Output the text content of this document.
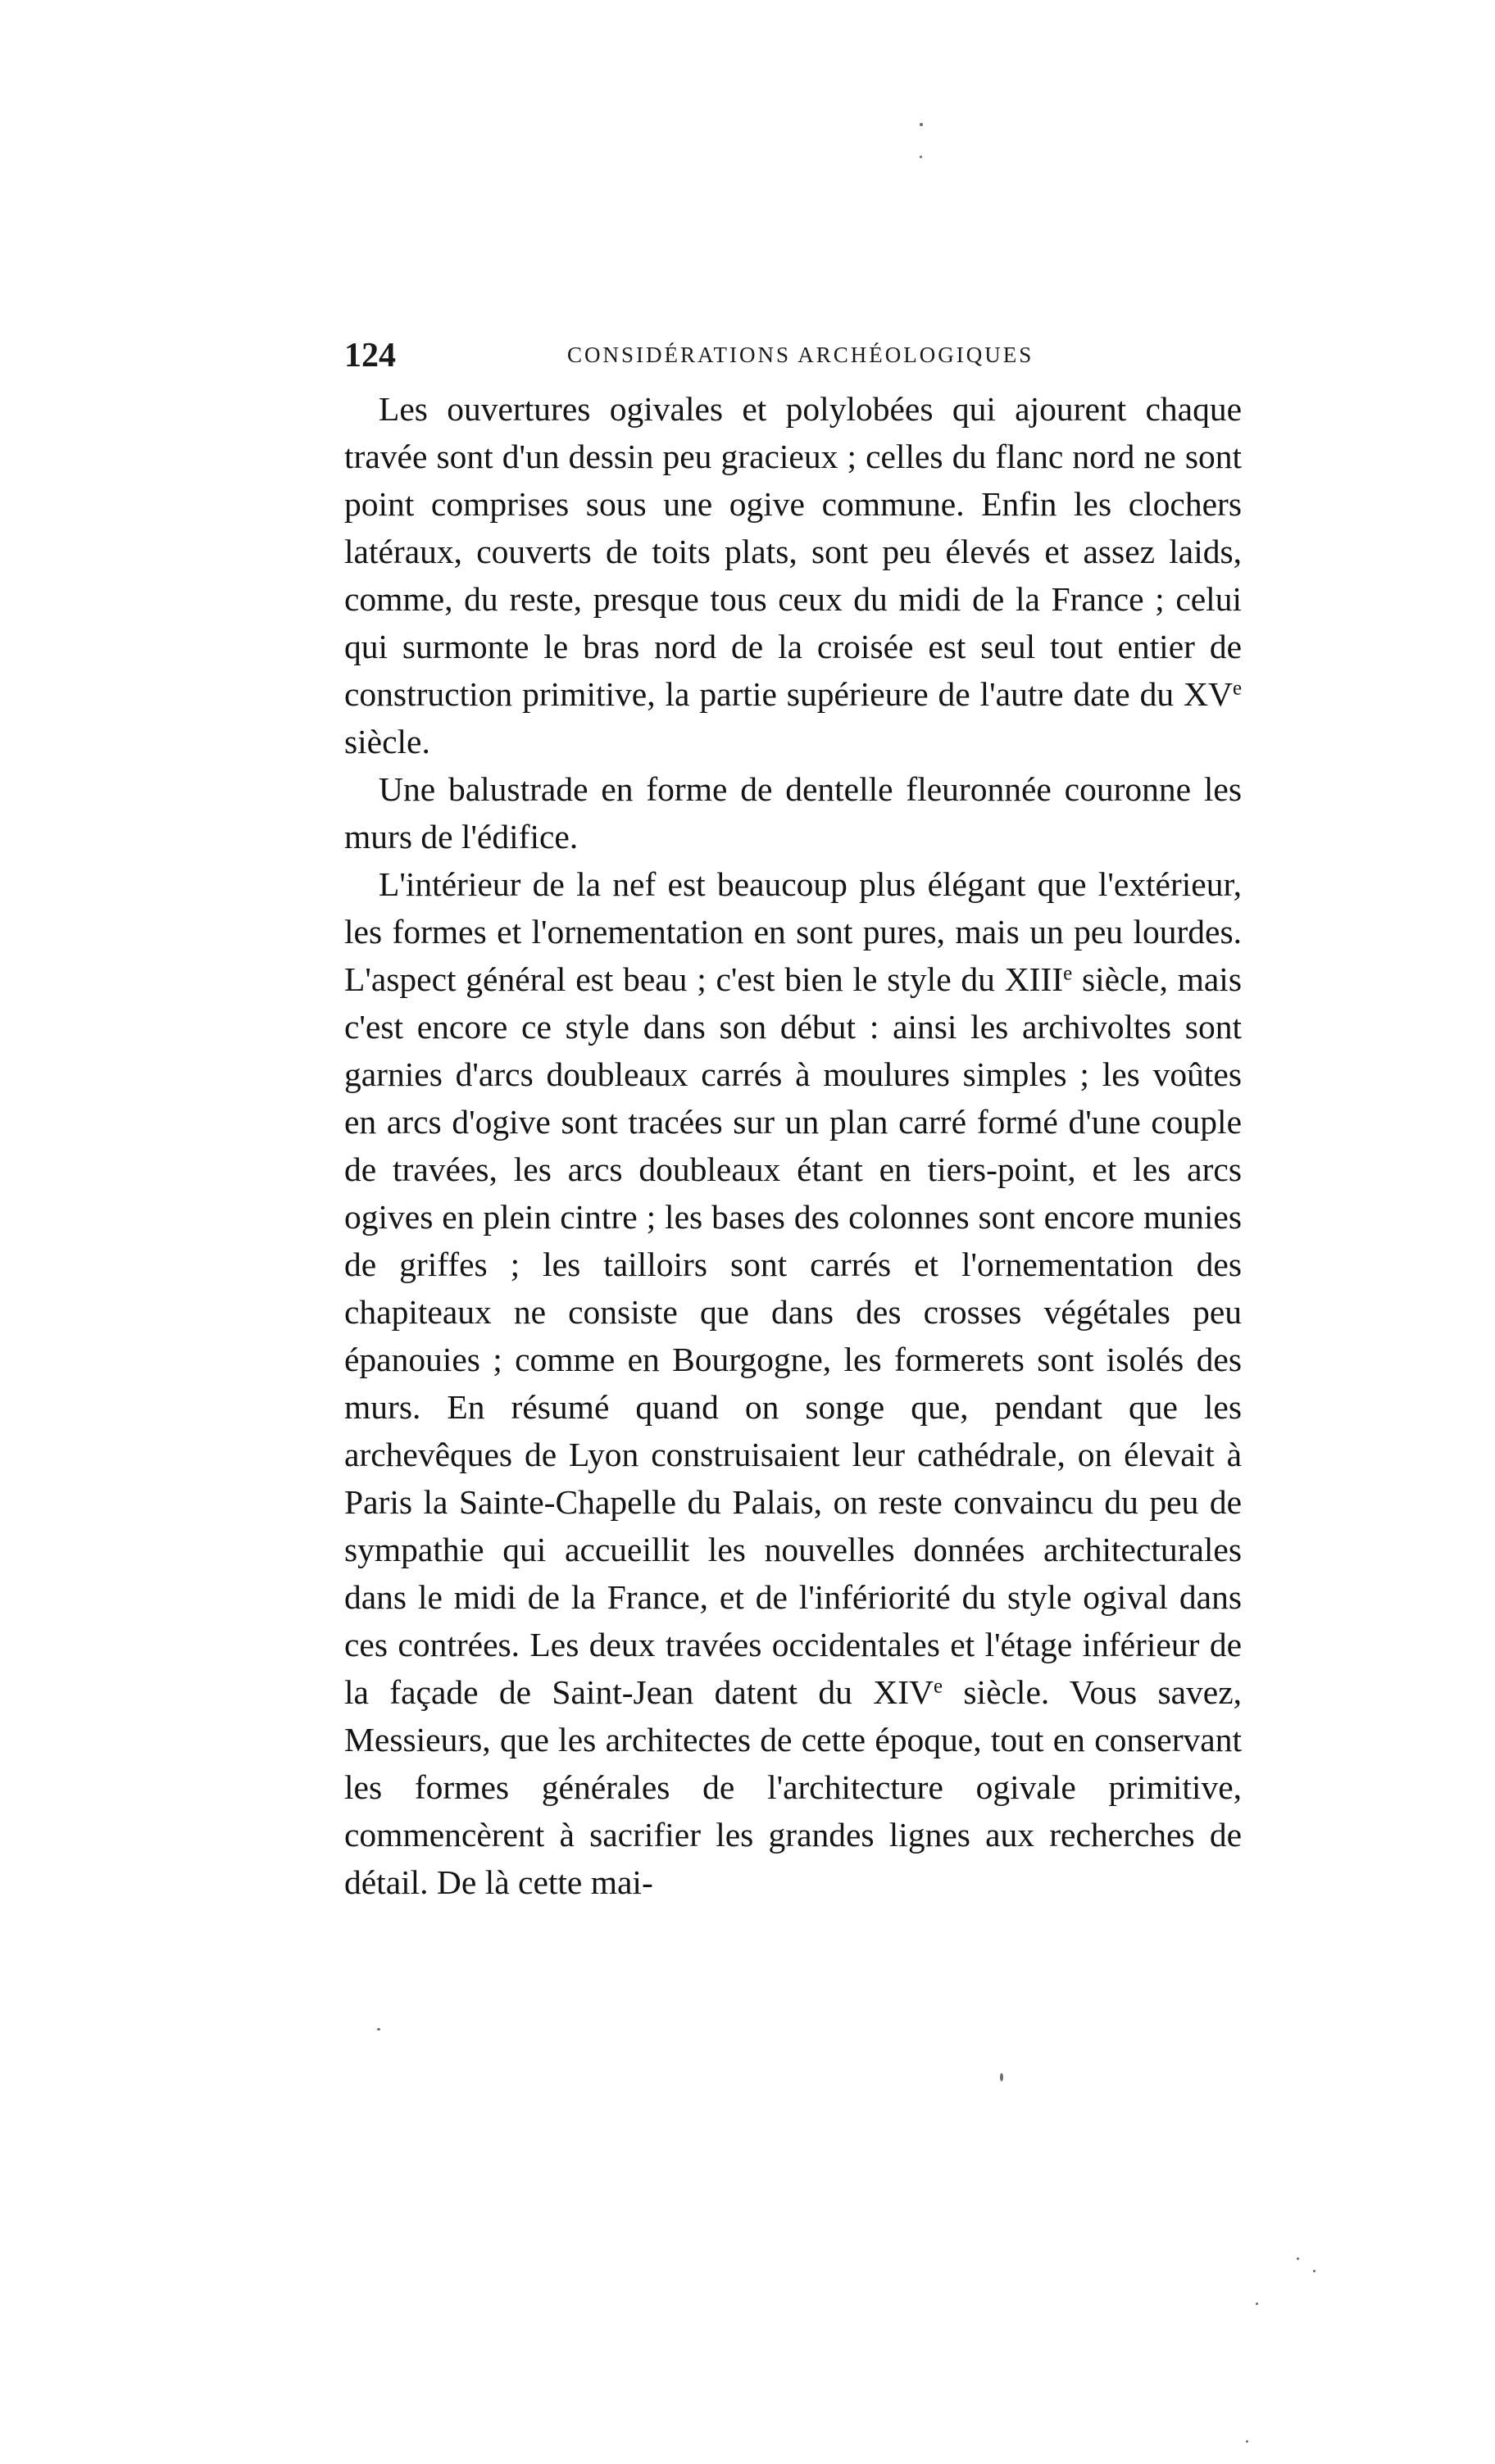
124	CONSIDÉRATIONS ARCHÉOLOGIQUES

Les ouvertures ogivales et polylobées qui ajourent chaque travée sont d'un dessin peu gracieux ; celles du flanc nord ne sont point comprises sous une ogive commune. Enfin les clochers latéraux, couverts de toits plats, sont peu élevés et assez laids, comme, du reste, presque tous ceux du midi de la France ; celui qui surmonte le bras nord de la croisée est seul tout entier de construction primitive, la partie supérieure de l'autre date du XVe siècle.

Une balustrade en forme de dentelle fleuronnée couronne les murs de l'édifice.

L'intérieur de la nef est beaucoup plus élégant que l'extérieur, les formes et l'ornementation en sont pures, mais un peu lourdes. L'aspect général est beau ; c'est bien le style du XIIIe siècle, mais c'est encore ce style dans son début : ainsi les archivoltes sont garnies d'arcs doubleaux carrés à moulures simples ; les voûtes en arcs d'ogive sont tracées sur un plan carré formé d'une couple de travées, les arcs doubleaux étant en tiers-point, et les arcs ogives en plein cintre ; les bases des colonnes sont encore munies de griffes ; les tailloirs sont carrés et l'ornementation des chapiteaux ne consiste que dans des crosses végétales peu épanouies ; comme en Bourgogne, les formerets sont isolés des murs. En résumé quand on songe que, pendant que les archevêques de Lyon construisaient leur cathédrale, on élevait à Paris la Sainte-Chapelle du Palais, on reste convaincu du peu de sympathie qui accueillit les nouvelles données architecturales dans le midi de la France, et de l'infériorité du style ogival dans ces contrées. Les deux travées occidentales et l'étage inférieur de la façade de Saint-Jean datent du XIVe siècle. Vous savez, Messieurs, que les architectes de cette époque, tout en conservant les formes générales de l'architecture ogivale primitive, commencèrent à sacrifier les grandes lignes aux recherches de détail. De là cette mai-
